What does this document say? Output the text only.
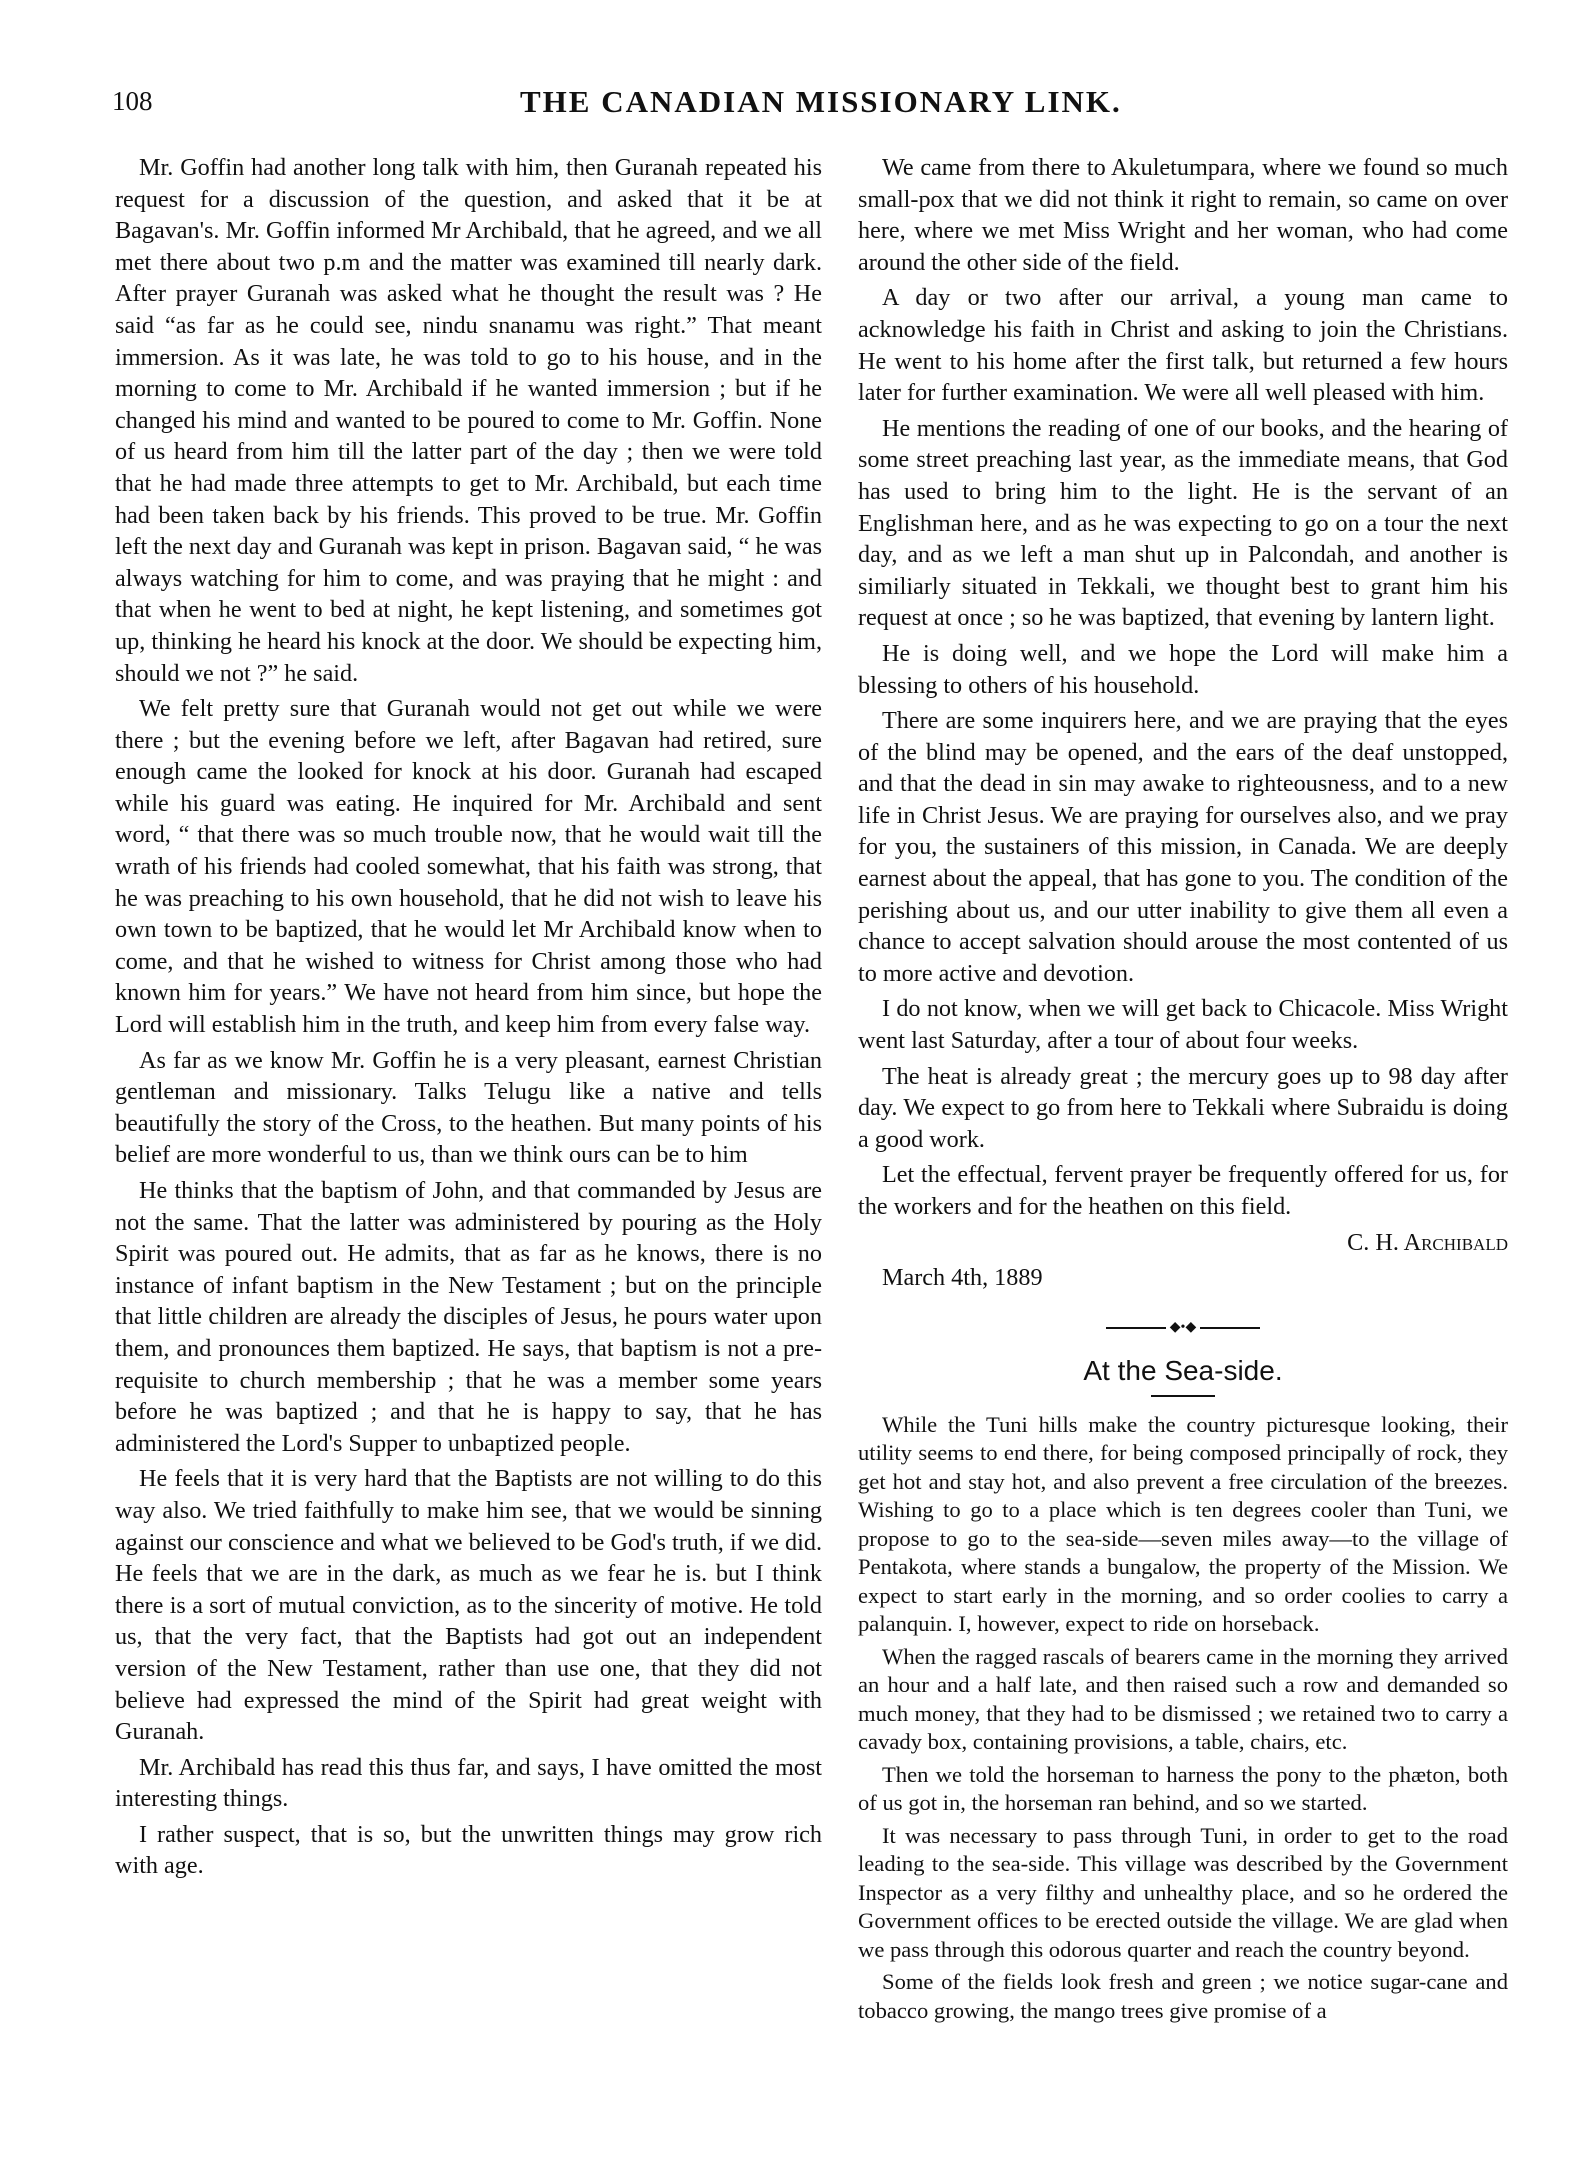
108	THE CANADIAN MISSIONARY LINK.

Mr. Goffin had another long talk with him, then Guranah repeated his request for a discussion of the question, and asked that it be at Bagavan's. Mr. Goffin informed Mr Archibald, that he agreed, and we all met there about two p.m and the matter was examined till nearly dark. After prayer Guranah was asked what he thought the result was ? He said “as far as he could see, nindu snanamu was right.” That meant immersion. As it was late, he was told to go to his house, and in the morning to come to Mr. Archibald if he wanted immersion ; but if he changed his mind and wanted to be poured to come to Mr. Goffin. None of us heard from him till the latter part of the day ; then we were told that he had made three attempts to get to Mr. Archibald, but each time had been taken back by his friends. This proved to be true. Mr. Goffin left the next day and Guranah was kept in prison. Bagavan said, “ he was always watching for him to come, and was praying that he might : and that when he went to bed at night, he kept listening, and sometimes got up, thinking he heard his knock at the door. We should be expecting him, should we not ?” he said.

We felt pretty sure that Guranah would not get out while we were there ; but the evening before we left, after Bagavan had retired, sure enough came the looked for knock at his door. Guranah had escaped while his guard was eating. He inquired for Mr. Archibald and sent word, “ that there was so much trouble now, that he would wait till the wrath of his friends had cooled somewhat, that his faith was strong, that he was preaching to his own household, that he did not wish to leave his own town to be baptized, that he would let Mr Archibald know when to come, and that he wished to witness for Christ among those who had known him for years.” We have not heard from him since, but hope the Lord will establish him in the truth, and keep him from every false way.

As far as we know Mr. Goffin he is a very pleasant, earnest Christian gentleman and missionary. Talks Telugu like a native and tells beautifully the story of the Cross, to the heathen. But many points of his belief are more wonderful to us, than we think ours can be to him

He thinks that the baptism of John, and that commanded by Jesus are not the same. That the latter was administered by pouring as the Holy Spirit was poured out. He admits, that as far as he knows, there is no instance of infant baptism in the New Testament ; but on the principle that little children are already the disciples of Jesus, he pours water upon them, and pronounces them baptized. He says, that baptism is not a pre-requisite to church membership ; that he was a member some years before he was baptized ; and that he is happy to say, that he has administered the Lord's Supper to unbaptized people.

He feels that it is very hard that the Baptists are not willing to do this way also. We tried faithfully to make him see, that we would be sinning against our conscience and what we believed to be God's truth, if we did. He feels that we are in the dark, as much as we fear he is. but I think there is a sort of mutual conviction, as to the sincerity of motive. He told us, that the very fact, that the Baptists had got out an independent version of the New Testament, rather than use one, that they did not believe had expressed the mind of the Spirit had great weight with Guranah.

Mr. Archibald has read this thus far, and says, I have omitted the most interesting things.

I rather suspect, that is so, but the unwritten things may grow rich with age.

We came from there to Akuletumpara, where we found so much small-pox that we did not think it right to remain, so came on over here, where we met Miss Wright and her woman, who had come around the other side of the field.

A day or two after our arrival, a young man came to acknowledge his faith in Christ and asking to join the Christians. He went to his home after the first talk, but returned a few hours later for further examination. We were all well pleased with him.

He mentions the reading of one of our books, and the hearing of some street preaching last year, as the immediate means, that God has used to bring him to the light. He is the servant of an Englishman here, and as he was expecting to go on a tour the next day, and as we left a man shut up in Palcondah, and another is similiarly situated in Tekkali, we thought best to grant him his request at once ; so he was baptized, that evening by lantern light.

He is doing well, and we hope the Lord will make him a blessing to others of his household.

There are some inquirers here, and we are praying that the eyes of the blind may be opened, and the ears of the deaf unstopped, and that the dead in sin may awake to righteousness, and to a new life in Christ Jesus. We are praying for ourselves also, and we pray for you, the sustainers of this mission, in Canada. We are deeply earnest about the appeal, that has gone to you. The condition of the perishing about us, and our utter inability to give them all even a chance to accept salvation should arouse the most contented of us to more active and devotion.

I do not know, when we will get back to Chicacole. Miss Wright went last Saturday, after a tour of about four weeks.

The heat is already great ; the mercury goes up to 98 day after day. We expect to go from here to Tekkali where Subraidu is doing a good work.

Let the effectual, fervent prayer be frequently offered for us, for the workers and for the heathen on this field.

C. H. Archibald

March 4th, 1889

◆•◆
At the Sea-side.

While the Tuni hills make the country picturesque looking, their utility seems to end there, for being composed principally of rock, they get hot and stay hot, and also prevent a free circulation of the breezes. Wishing to go to a place which is ten degrees cooler than Tuni, we propose to go to the sea-side—seven miles away—to the village of Pentakota, where stands a bungalow, the property of the Mission. We expect to start early in the morning, and so order coolies to carry a palanquin. I, however, expect to ride on horseback.

When the ragged rascals of bearers came in the morning they arrived an hour and a half late, and then raised such a row and demanded so much money, that they had to be dismissed ; we retained two to carry a cavady box, containing provisions, a table, chairs, etc.

Then we told the horseman to harness the pony to the phæton, both of us got in, the horseman ran behind, and so we started.

It was necessary to pass through Tuni, in order to get to the road leading to the sea-side. This village was described by the Government Inspector as a very filthy and unhealthy place, and so he ordered the Government offices to be erected outside the village. We are glad when we pass through this odorous quarter and reach the country beyond.

Some of the fields look fresh and green ; we notice sugar-cane and tobacco growing, the mango trees give promise of a
